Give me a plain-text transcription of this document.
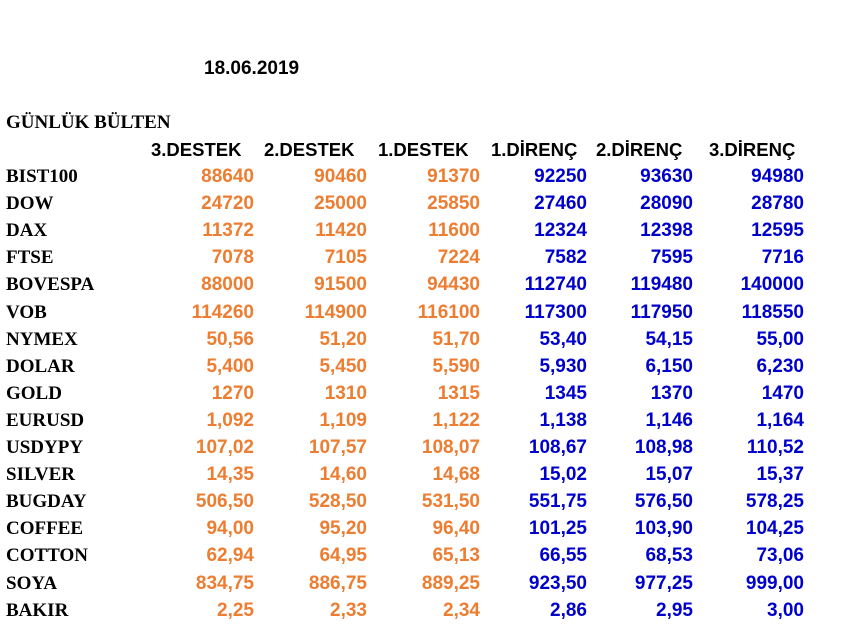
18.06.2019
GÜNLÜK BÜLTEN
3.DESTEK 2.DESTEK 1.DESTEK 1.DİRENÇ 2.DİRENÇ 3.DİRENÇ
BIST100	88640	90460	91370	92250	93630	94980
DOW	24720	25000	25850	27460	28090	28780
DAX	11372	11420	11600	12324	12398	12595
FTSE	7078	7105	7224	7582	7595	7716
BOVESPA	88000	91500	94430	112740	119480	140000
VOB	114260	114900	116100	117300	117950	118550
NYMEX	50,56	51,20	51,70	53,40	54,15	55,00
DOLAR	5,400	5,450	5,590	5,930	6,150	6,230
GOLD	1270	1310	1315	1345	1370	1470
EURUSD	1,092	1,109	1,122	1,138	1,146	1,164
USDYPY	107,02	107,57	108,07	108,67	108,98	110,52
SILVER	14,35	14,60	14,68	15,02	15,07	15,37
BUGDAY	506,50	528,50	531,50	551,75	576,50	578,25
COFFEE	94,00	95,20	96,40	101,25	103,90	104,25
COTTON	62,94	64,95	65,13	66,55	68,53	73,06
SOYA	834,75	886,75	889,25	923,50	977,25	999,00
BAKIR	2,25	2,33	2,34	2,86	2,95	3,00
